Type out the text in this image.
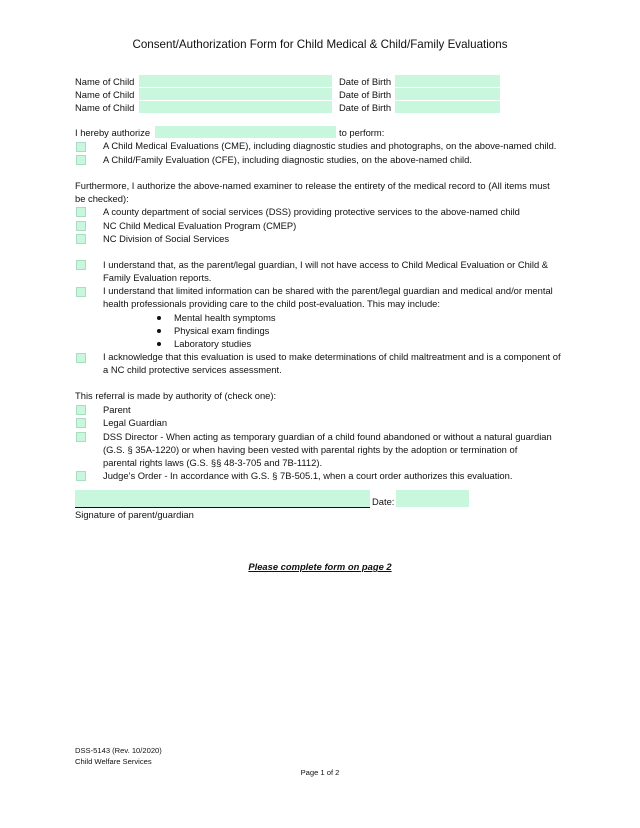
Consent/Authorization Form for Child Medical & Child/Family Evaluations
Name of Child	Date of Birth
Name of Child	Date of Birth
Name of Child	Date of Birth
I hereby authorize	to perform:
A Child Medical Evaluations (CME), including diagnostic studies and photographs, on the above-named child.
A Child/Family Evaluation (CFE), including diagnostic studies, on the above-named child.
Furthermore, I authorize the above-named examiner to release the entirety of the medical record to (All items must
be checked):
A county department of social services (DSS) providing protective services to the above-named child
NC Child Medical Evaluation Program (CMEP)
NC Division of Social Services
I understand that, as the parent/legal guardian, I will not have access to Child Medical Evaluation or Child &
Family Evaluation reports.
I understand that limited information can be shared with the parent/legal guardian and medical and/or mental
health professionals providing care to the child post-evaluation. This may include:
Mental health symptoms
Physical exam findings
Laboratory studies
I acknowledge that this evaluation is used to make determinations of child maltreatment and is a component of
a NC child protective services assessment.
This referral is made by authority of (check one):
Parent
Legal Guardian
DSS Director - When acting as temporary guardian of a child found abandoned or without a natural guardian
(G.S. § 35A-1220) or when having been vested with parental rights by the adoption or termination of
parental rights laws (G.S. §§ 48-3-705 and 7B-1112).
Judge’s Order - In accordance with G.S. § 7B-505.1, when a court order authorizes this evaluation.
Date:
Signature of parent/guardian
Please complete form on page 2
DSS-5143 (Rev. 10/2020)
Child Welfare Services
Page 1 of 2
